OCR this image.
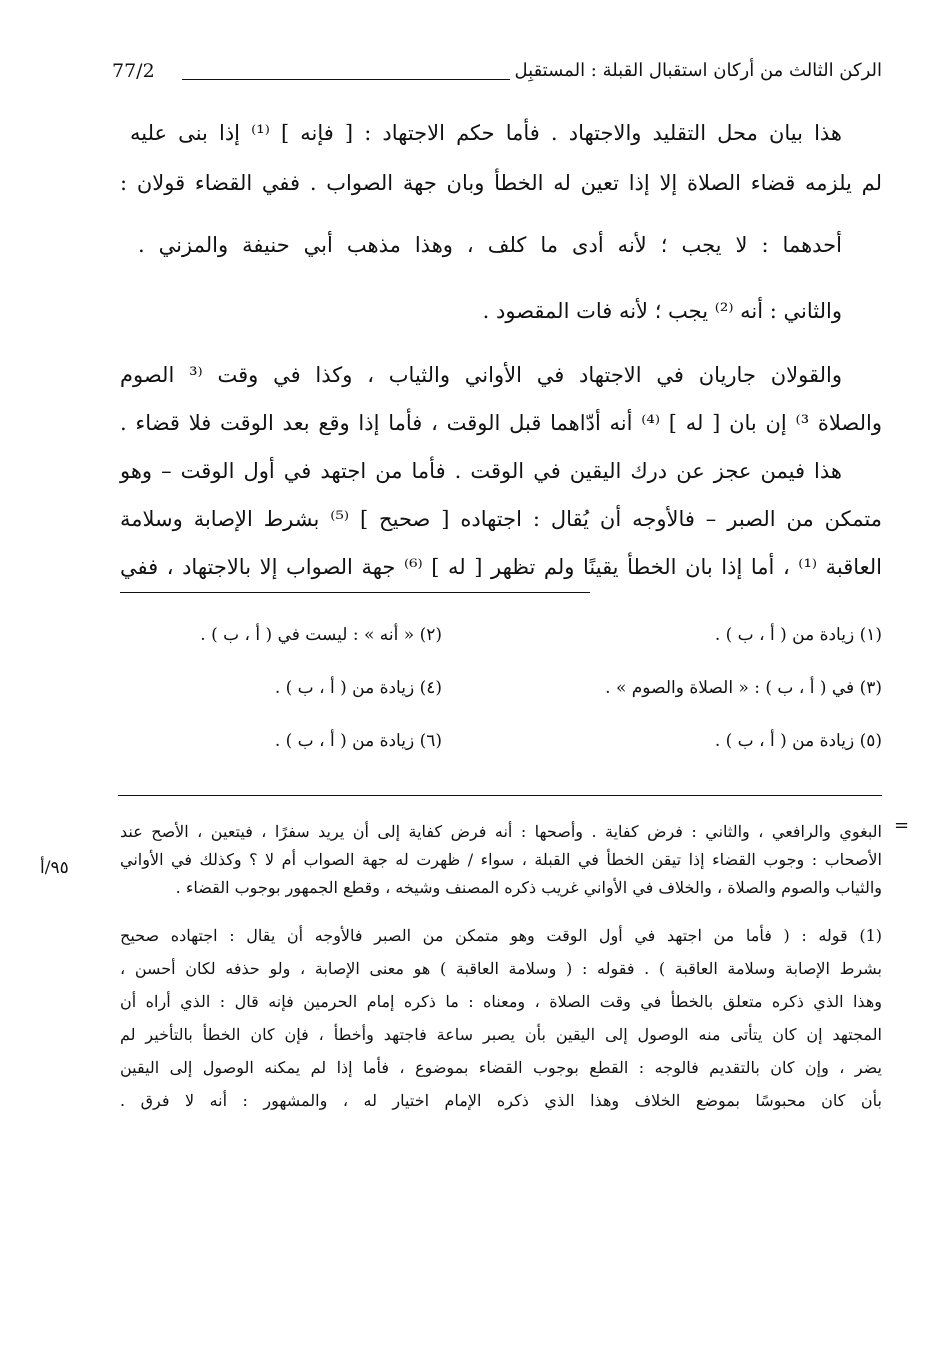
الركن الثالث من أركان استقبال القبلة : المستقبِل
77/2
هذا بيان محل التقليد والاجتهاد . فأما حكم الاجتهاد : [ فإنه ] ⁽¹⁾ إذا بنى عليه
لم يلزمه قضاء الصلاة إلا إذا تعين له الخطأ وبان جهة الصواب . ففي القضاء قولان :
أحدهما : لا يجب ؛ لأنه أدى ما كلف ، وهذا مذهب أبي حنيفة والمزني .
والثاني : أنه ⁽²⁾ يجب ؛ لأنه فات المقصود .
والقولان جاريان في الاجتهاد في الأواني والثياب ، وكذا في وقت ⁽³ الصوم
والصلاة ³⁾ إن بان [ له ] ⁽⁴⁾ أنه أدّاهما قبل الوقت ، فأما إذا وقع بعد الوقت فلا قضاء .
هذا فيمن عجز عن درك اليقين في الوقت . فأما من اجتهد في أول الوقت – وهو
متمكن من الصبر – فالأوجه أن يُقال : اجتهاده [ صحيح ] ⁽⁵⁾ بشرط الإصابة وسلامة
العاقبة ⁽¹⁾ ، أما إذا بان الخطأ يقينًا ولم تظهر [ له ] ⁽⁶⁾ جهة الصواب إلا بالاجتهاد ، ففي
(١) زيادة من ( أ ، ب ) .
(٢) « أنه » : ليست في ( أ ، ب ) .
(٣) في ( أ ، ب ) : « الصلاة والصوم » .
(٤) زيادة من ( أ ، ب ) .
(٥) زيادة من ( أ ، ب ) .
(٦) زيادة من ( أ ، ب ) .
=
البغوي والرافعي ، والثاني : فرض كفاية . وأصحها : أنه فرض كفاية إلى أن يريد سفرًا ، فيتعين ، الأصح عند
الأصحاب : وجوب القضاء إذا تيقن الخطأ في القبلة ، سواء / ظهرت له جهة الصواب أم لا ؟ وكذلك في الأواني
والثياب والصوم والصلاة ، والخلاف في الأواني غريب ذكره المصنف وشيخه ، وقطع الجمهور بوجوب القضاء .
٩٥/أ
(1) قوله : ( فأما من اجتهد في أول الوقت وهو متمكن من الصبر فالأوجه أن يقال : اجتهاده صحيح
بشرط الإصابة وسلامة العاقبة ) . فقوله : ( وسلامة العاقبة ) هو معنى الإصابة ، ولو حذفه لكان أحسن ،
وهذا الذي ذكره متعلق بالخطأ في وقت الصلاة ، ومعناه : ما ذكره إمام الحرمين فإنه قال : الذي أراه أن
المجتهد إن كان يتأتى منه الوصول إلى اليقين بأن يصبر ساعة فاجتهد وأخطأ ، فإن كان الخطأ بالتأخير لم
يضر ، وإن كان بالتقديم فالوجه : القطع بوجوب القضاء بموضوع ، فأما إذا لم يمكنه الوصول إلى اليقين
بأن كان محبوسًا بموضع الخلاف وهذا الذي ذكره الإمام اختيار له ، والمشهور : أنه لا فرق .
